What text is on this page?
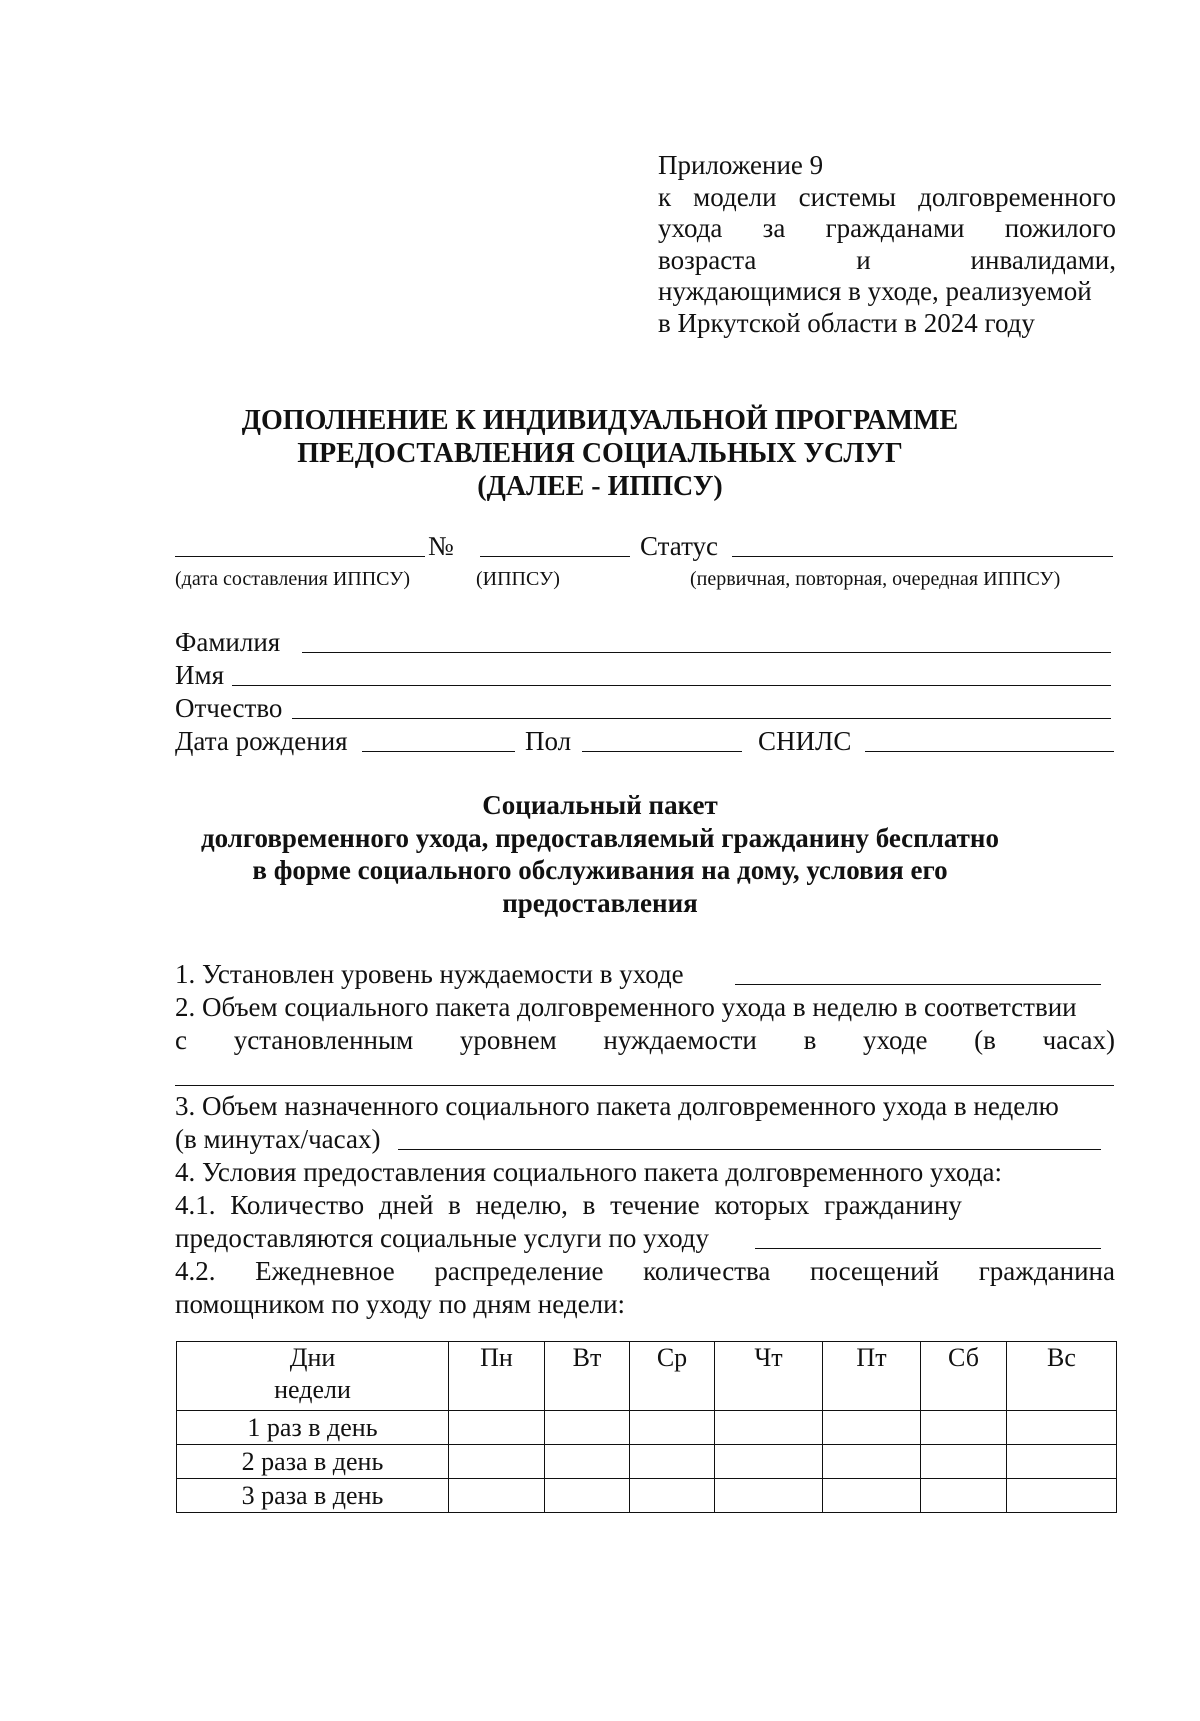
Приложение 9
к модели системы долговременного
ухода за гражданами пожилого
возраста	и	инвалидами,
нуждающимися в уходе, реализуемой
в Иркутской области в 2024 году
ДОПОЛНЕНИЕ К ИНДИВИДУАЛЬНОЙ ПРОГРАММЕ
ПРЕДОСТАВЛЕНИЯ СОЦИАЛЬНЫХ УСЛУГ
(ДАЛЕЕ - ИППСУ)
№	Статус
(дата составления ИППСУ)	(ИППСУ)	(первичная, повторная, очередная ИППСУ)
Фамилия
Имя
Отчество
Дата рождения	Пол	СНИЛС
Социальный пакет
долговременного ухода, предоставляемый гражданину бесплатно
в форме социального обслуживания на дому, условия его
предоставления
1. Установлен уровень нуждаемости в уходе
2. Объем социального пакета долговременного ухода в неделю в соответствии
с установленным уровнем нуждаемости в уходе (в часах)
3. Объем назначенного социального пакета долговременного ухода в неделю
(в минутах/часах)
4. Условия предоставления социального пакета долговременного ухода:
4.1. Количество дней в неделю, в течение которых гражданину
предоставляются социальные услуги по уходу
4.2. Ежедневное распределение количества посещений гражданина
помощником по уходу по дням недели:
Дни
недели	Пн	Вт	Ср	Чт	Пт	Сб	Вс
1 раз в день							
2 раза в день							
3 раза в день							
